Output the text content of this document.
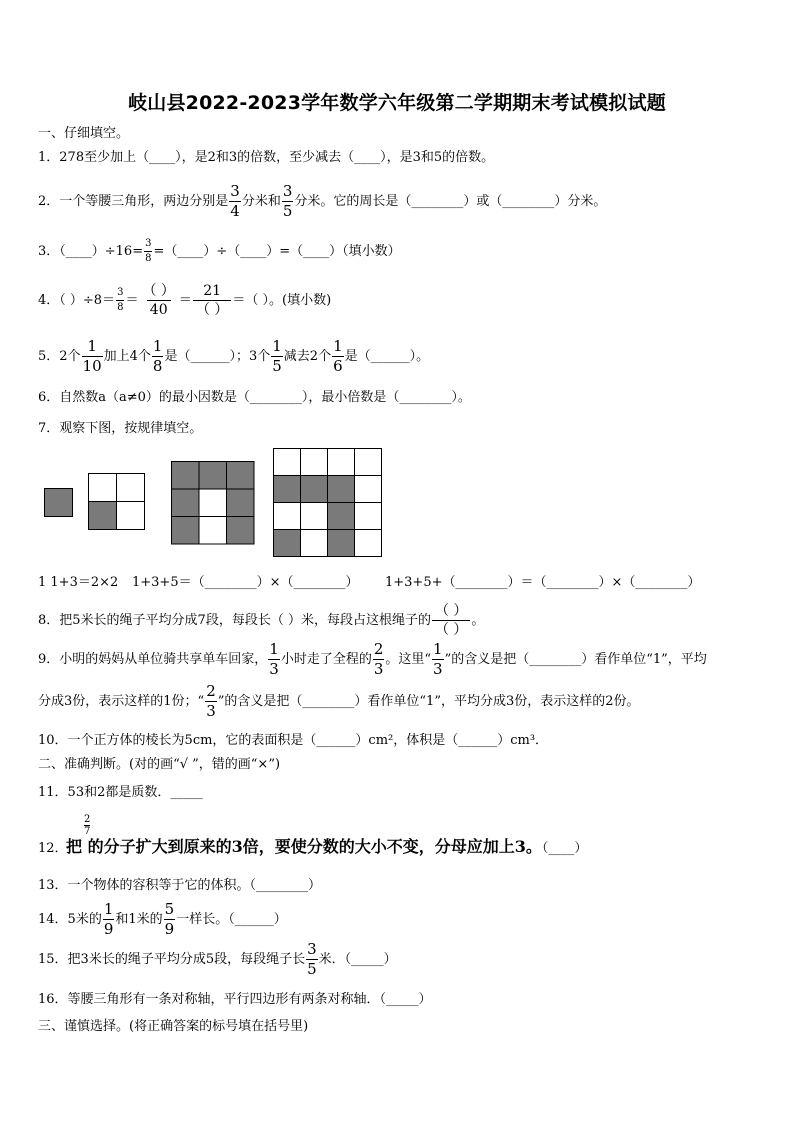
岐山县2022-2023学年数学六年级第二学期期末考试模拟试题
一、仔细填空。
1．278至少加上（____），是2和3的倍数，至少减去（____），是3和5的倍数。
2．一个等腰三角形，两边分别是 $\frac{3}{4}$ 分米和 $\frac{3}{5}$ 分米。它的周长是（________）或（________）分米。
3．（____）÷16= $\frac{3}{8}$ =（____）÷（____）=（____）（填小数）
4．（ ）$\div 8= \frac{3}{8} = \frac{( )}{40} = \frac{21}{( )}$ ＝（ ）。(填小数)
5．2个 $\frac{1}{10}$ 加上4个 $\frac{1}{8}$ 是（______）；3个 $\frac{1}{5}$ 减去2个 $\frac{1}{6}$ 是（______）。
6．自然数a（a≠0）的最小因数是（________），最小倍数是（________）。
7．观察下图，按规律填空。
1 1+3＝2×2 1+3+5＝（________）×（________） 1+3+5+（________）＝（________）×（________）
8．把5米长的绳子平均分成7段，每段长（ ）米，每段占这根绳子的 $\frac{( )}{( )}$ 。
9．小明的妈妈从单位骑共享单车回家， $\frac{1}{3}$ 小时走了全程的 $\frac{2}{3}$ 。这里“ $\frac{1}{3}$ ”的含义是把（________）看作单位“1”，平均
分成3份，表示这样的1份；“ $\frac{2}{3}$ ”的含义是把（________）看作单位“1”，平均分成3份，表示这样的2份。
10．一个正方体的棱长为5cm，它的表面积是（______）cm²，体积是（______）cm³．
二、准确判断。(对的画“√ ”，错的画“×”)
11．53和2都是质数．_____
$\frac{2}{7}$
12．
把 的分子扩大到原来的3倍，要使分数的大小不变，分母应加上3。（____）
13．一个物体的容积等于它的体积。（________）
14．5米的 $\frac{1}{9}$ 和1米的 $\frac{5}{9}$ 一样长。（______）
15．把3米长的绳子平均分成5段，每段绳子长 $\frac{3}{5}$ 米．（_____）
16．等腰三角形有一条对称轴，平行四边形有两条对称轴．（_____）
三、谨慎选择。(将正确答案的标号填在括号里)
